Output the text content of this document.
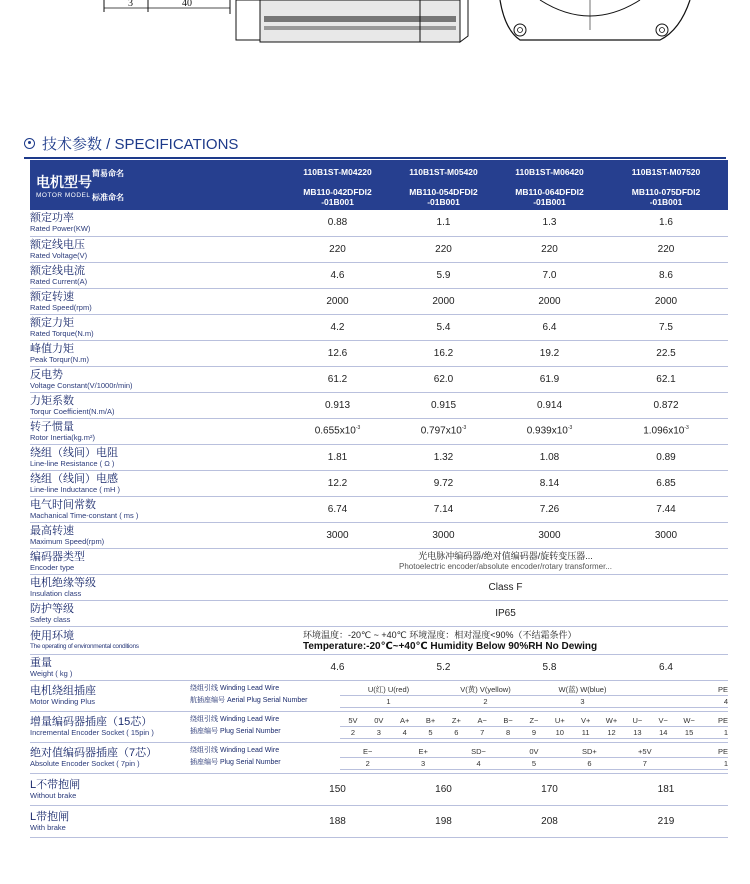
3	40
技术参数 / SPECIFICATIONS
电机型号
MOTOR MODEL
简易命名
标准命名
		110B1ST-M04220	110B1ST-M05420	110B1ST-M06420	110B1ST-M07520

MB110-042DFDI2
-01B001

MB110-054DFDI2
-01B001

MB110-064DFDI2
-01B001

MB110-075DFDI2
-01B001

额定功率
Rated Power(KW)
	0.88	1.1	1.3	1.6

额定线电压
Rated Voltage(V)
	220	220	220	220

额定线电流
Rated Current(A)
	4.6	5.9	7.0	8.6

额定转速
Rated Speed(rpm)
	2000	2000	2000	2000

额定力矩
Rated Torque(N.m)
	4.2	5.4	6.4	7.5

峰值力矩
Peak Torqur(N.m)
	12.6	16.2	19.2	22.5

反电势
Voltage Constant(V/1000r/min)
	61.2	62.0	61.9	62.1

力矩系数
Torqur Coefficient(N.m/A)
	0.913	0.915	0.914	0.872

转子惯量
Rotor Inertia(kg.m²)
	$0.655x10^{-3}$	$0.797x10^{-3}$	$0.939x10^{-3}$	$1.096x10^{-3}$

绕组（线间）电阻
Line-line Resistance ( Ω )
	1.81	1.32	1.08	0.89

绕组（线间）电感
Line-line Inductance ( mH )
	12.2	9.72	8.14	6.85

电气时间常数
Machanical Time-constant ( ms )
	6.74	7.14	7.26	7.44

最高转速
Maximum Speed(rpm)
	3000	3000	3000	3000

编码器类型
Encoder type

光电脉冲编码器/绝对值编码器/旋转变压器...
Photoelectric encoder/absolute encoder/rotary transformer...

电机绝缘等级
Insulation class
	Class F

防护等级
Safety class
	IP65

使用环境
The operating of environmental conditions

环境温度：-20℃ ~ +40℃ 环境湿度：相对湿度<90%（不结霜条件）
Temperature:-20℃~+40℃ Humidity Below 90%RH No Dewing

重量
Weight ( kg )
	4.6	5.2	5.8	6.4

电机绕组插座
Motor Winding Plus

绕组引线 Winding Lead Wire
航插座编号 Aerial Plug Serial Number
U(红) U(red)	V(黄) V(yellow)	W(蓝) W(blue)	PE
1	2	3	4

增量编码器插座（15芯）
Incremental Encoder Socket ( 15pin )

绕组引线 Winding Lead Wire
插座编号 Plug Serial Number
5V	0V	A+	B+	Z+	A−	B−	Z−	U+	V+	W+	U−	V−	W−	PE
2	3	4	5	6	7	8	9	10	11	12	13	14	15	1

绝对值编码器插座（7芯）
Absolute Encoder Socket ( 7pin )

绕组引线 Winding Lead Wire
插座编号 Plug Serial Number
E−	E+	SD−	0V	SD+	+5V	PE
2	3	4	5	6	7	1

L不带抱闸
Without brake
	150	160	170	181

L带抱闸
With brake
	188	198	208	219
